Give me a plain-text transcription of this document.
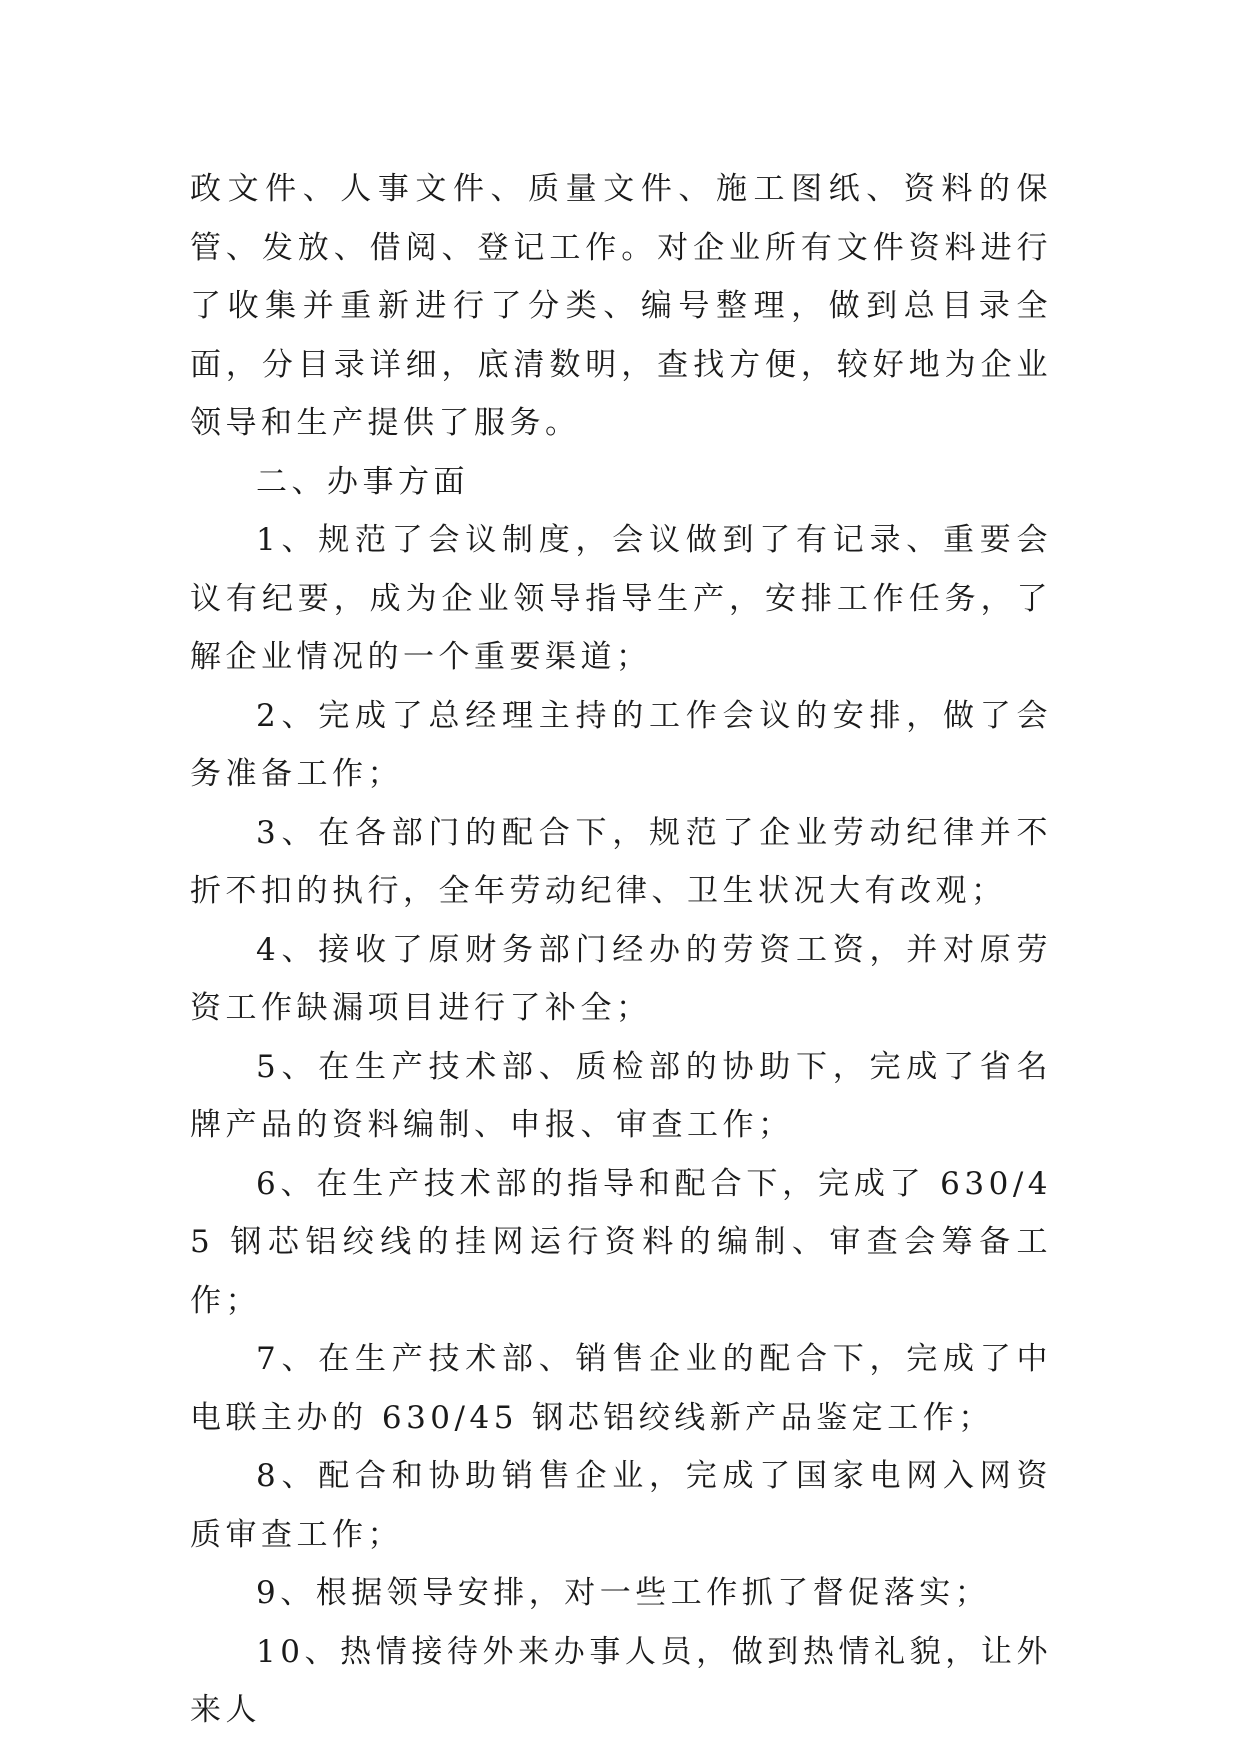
政文件、人事文件、质量文件、施工图纸、资料的保管、发放、借阅、登记工作。对企业所有文件资料进行了收集并重新进行了分类、编号整理，做到总目录全面，分目录详细，底清数明，查找方便，较好地为企业领导和生产提供了服务。

二、办事方面

1、规范了会议制度，会议做到了有记录、重要会议有纪要，成为企业领导指导生产，安排工作任务，了解企业情况的一个重要渠道；

2、完成了总经理主持的工作会议的安排，做了会务准备工作；

3、在各部门的配合下，规范了企业劳动纪律并不折不扣的执行，全年劳动纪律、卫生状况大有改观；

4、接收了原财务部门经办的劳资工资，并对原劳资工作缺漏项目进行了补全；

5、在生产技术部、质检部的协助下，完成了省名牌产品的资料编制、申报、审查工作；

6、在生产技术部的指导和配合下，完成了 630/45 钢芯铝绞线的挂网运行资料的编制、审查会筹备工作；

7、在生产技术部、销售企业的配合下，完成了中电联主办的 630/45 钢芯铝绞线新产品鉴定工作；

8、配合和协助销售企业，完成了国家电网入网资质审查工作；

9、根据领导安排，对一些工作抓了督促落实；

10、热情接待外来办事人员，做到热情礼貌，让外来人
